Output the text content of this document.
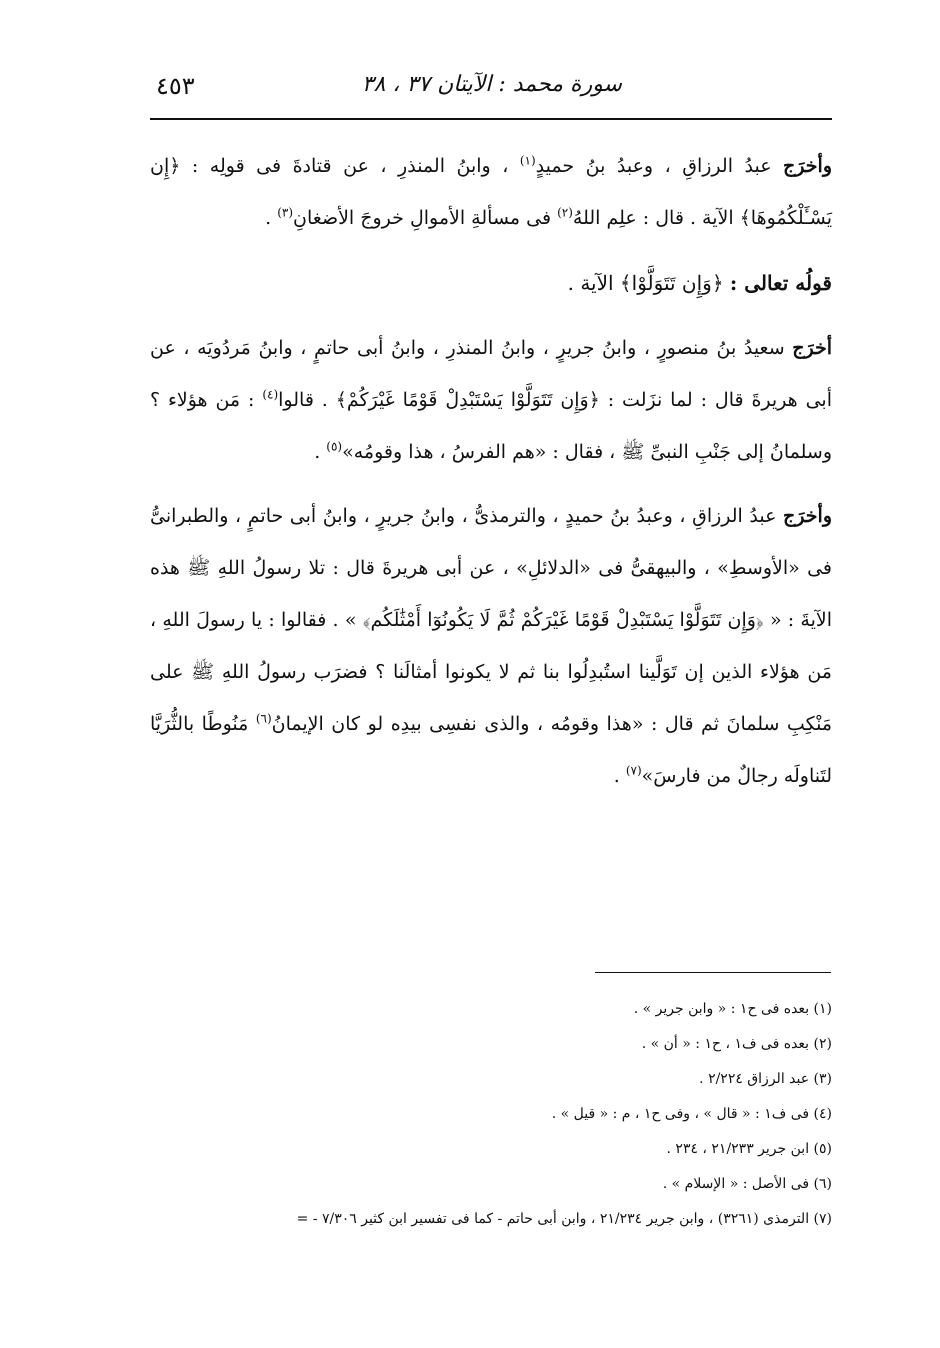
٤٥٣	سورة محمد : الآيتان ٣٧ ، ٣٨

وأخرَج عبدُ الرزاقِ ، وعبدُ بنُ حميدٍ$^{(١)}$ ، وابنُ المنذرِ ، عن قتادةَ فى قولِه : ﴿إِن يَسْـَٔلْكُمُوهَا﴾ الآية . قال : علِم اللهُ$^{(٢)}$ فى مسألةِ الأموالِ خروجَ الأضغانِ$^{(٣)}$ .

قولُه تعالى : ﴿وَإِن تَتَوَلَّوْا﴾ الآية .

أخرَج سعيدُ بنُ منصورٍ ، وابنُ جريرٍ ، وابنُ المنذرِ ، وابنُ أبى حاتمٍ ، وابنُ مَردُويَه ، عن أبى هريرةَ قال : لما نزَلت : ﴿وَإِن تَتَوَلَّوْا يَسْتَبْدِلْ قَوْمًا غَيْرَكُمْ﴾ . قالوا$^{(٤)}$ : مَن هؤلاء ؟ وسلمانُ إلى جَنْبِ النبىِّ ﷺ ، فقال : «هم الفرسُ ، هذا وقومُه»$^{(٥)}$ .

وأخرَج عبدُ الرزاقِ ، وعبدُ بنُ حميدٍ ، والترمذىُّ ، وابنُ جريرٍ ، وابنُ أبى حاتمٍ ، والطبرانىُّ فى «الأوسطِ» ، والبيهقىُّ فى «الدلائلِ» ، عن أبى هريرةَ قال : تلا رسولُ اللهِ ﷺ هذه الآيةَ : « ﴿وَإِن تَتَوَلَّوْا يَسْتَبْدِلْ قَوْمًا غَيْرَكُمْ ثُمَّ لَا يَكُونُوٓا أَمْثَٰلَكُم﴾ » . فقالوا : يا رسولَ اللهِ ، مَن هؤلاء الذين إن تَوَلَّينا استُبدِلُوا بنا ثم لا يكونوا أمثالَنا ؟ فضرَب رسولُ اللهِ ﷺ على مَنْكِبِ سلمانَ ثم قال : «هذا وقومُه ، والذى نفسِى بيدِه لو كان الإيمانُ$^{(٦)}$ مَنُوطًا بالثُّرَيَّا لتَناولَه رجالٌ من فارسَ»$^{(٧)}$ .

(١) بعده فى ح١ : « وابن جرير » .

(٢) بعده فى ف١ ، ح١ : « أن » .

(٣) عبد الرزاق ٢/٢٢٤ .

(٤) فى ف١ : « قال » ، وفى ح١ ، م : « قيل » .

(٥) ابن جرير ٢١/٢٣٣ ، ٢٣٤ .

(٦) فى الأصل : « الإسلام » .

(٧) الترمذى (٣٢٦١) ، وابن جرير ٢١/٢٣٤ ، وابن أبى حاتم - كما فى تفسير ابن كثير ٧/٣٠٦ - =
